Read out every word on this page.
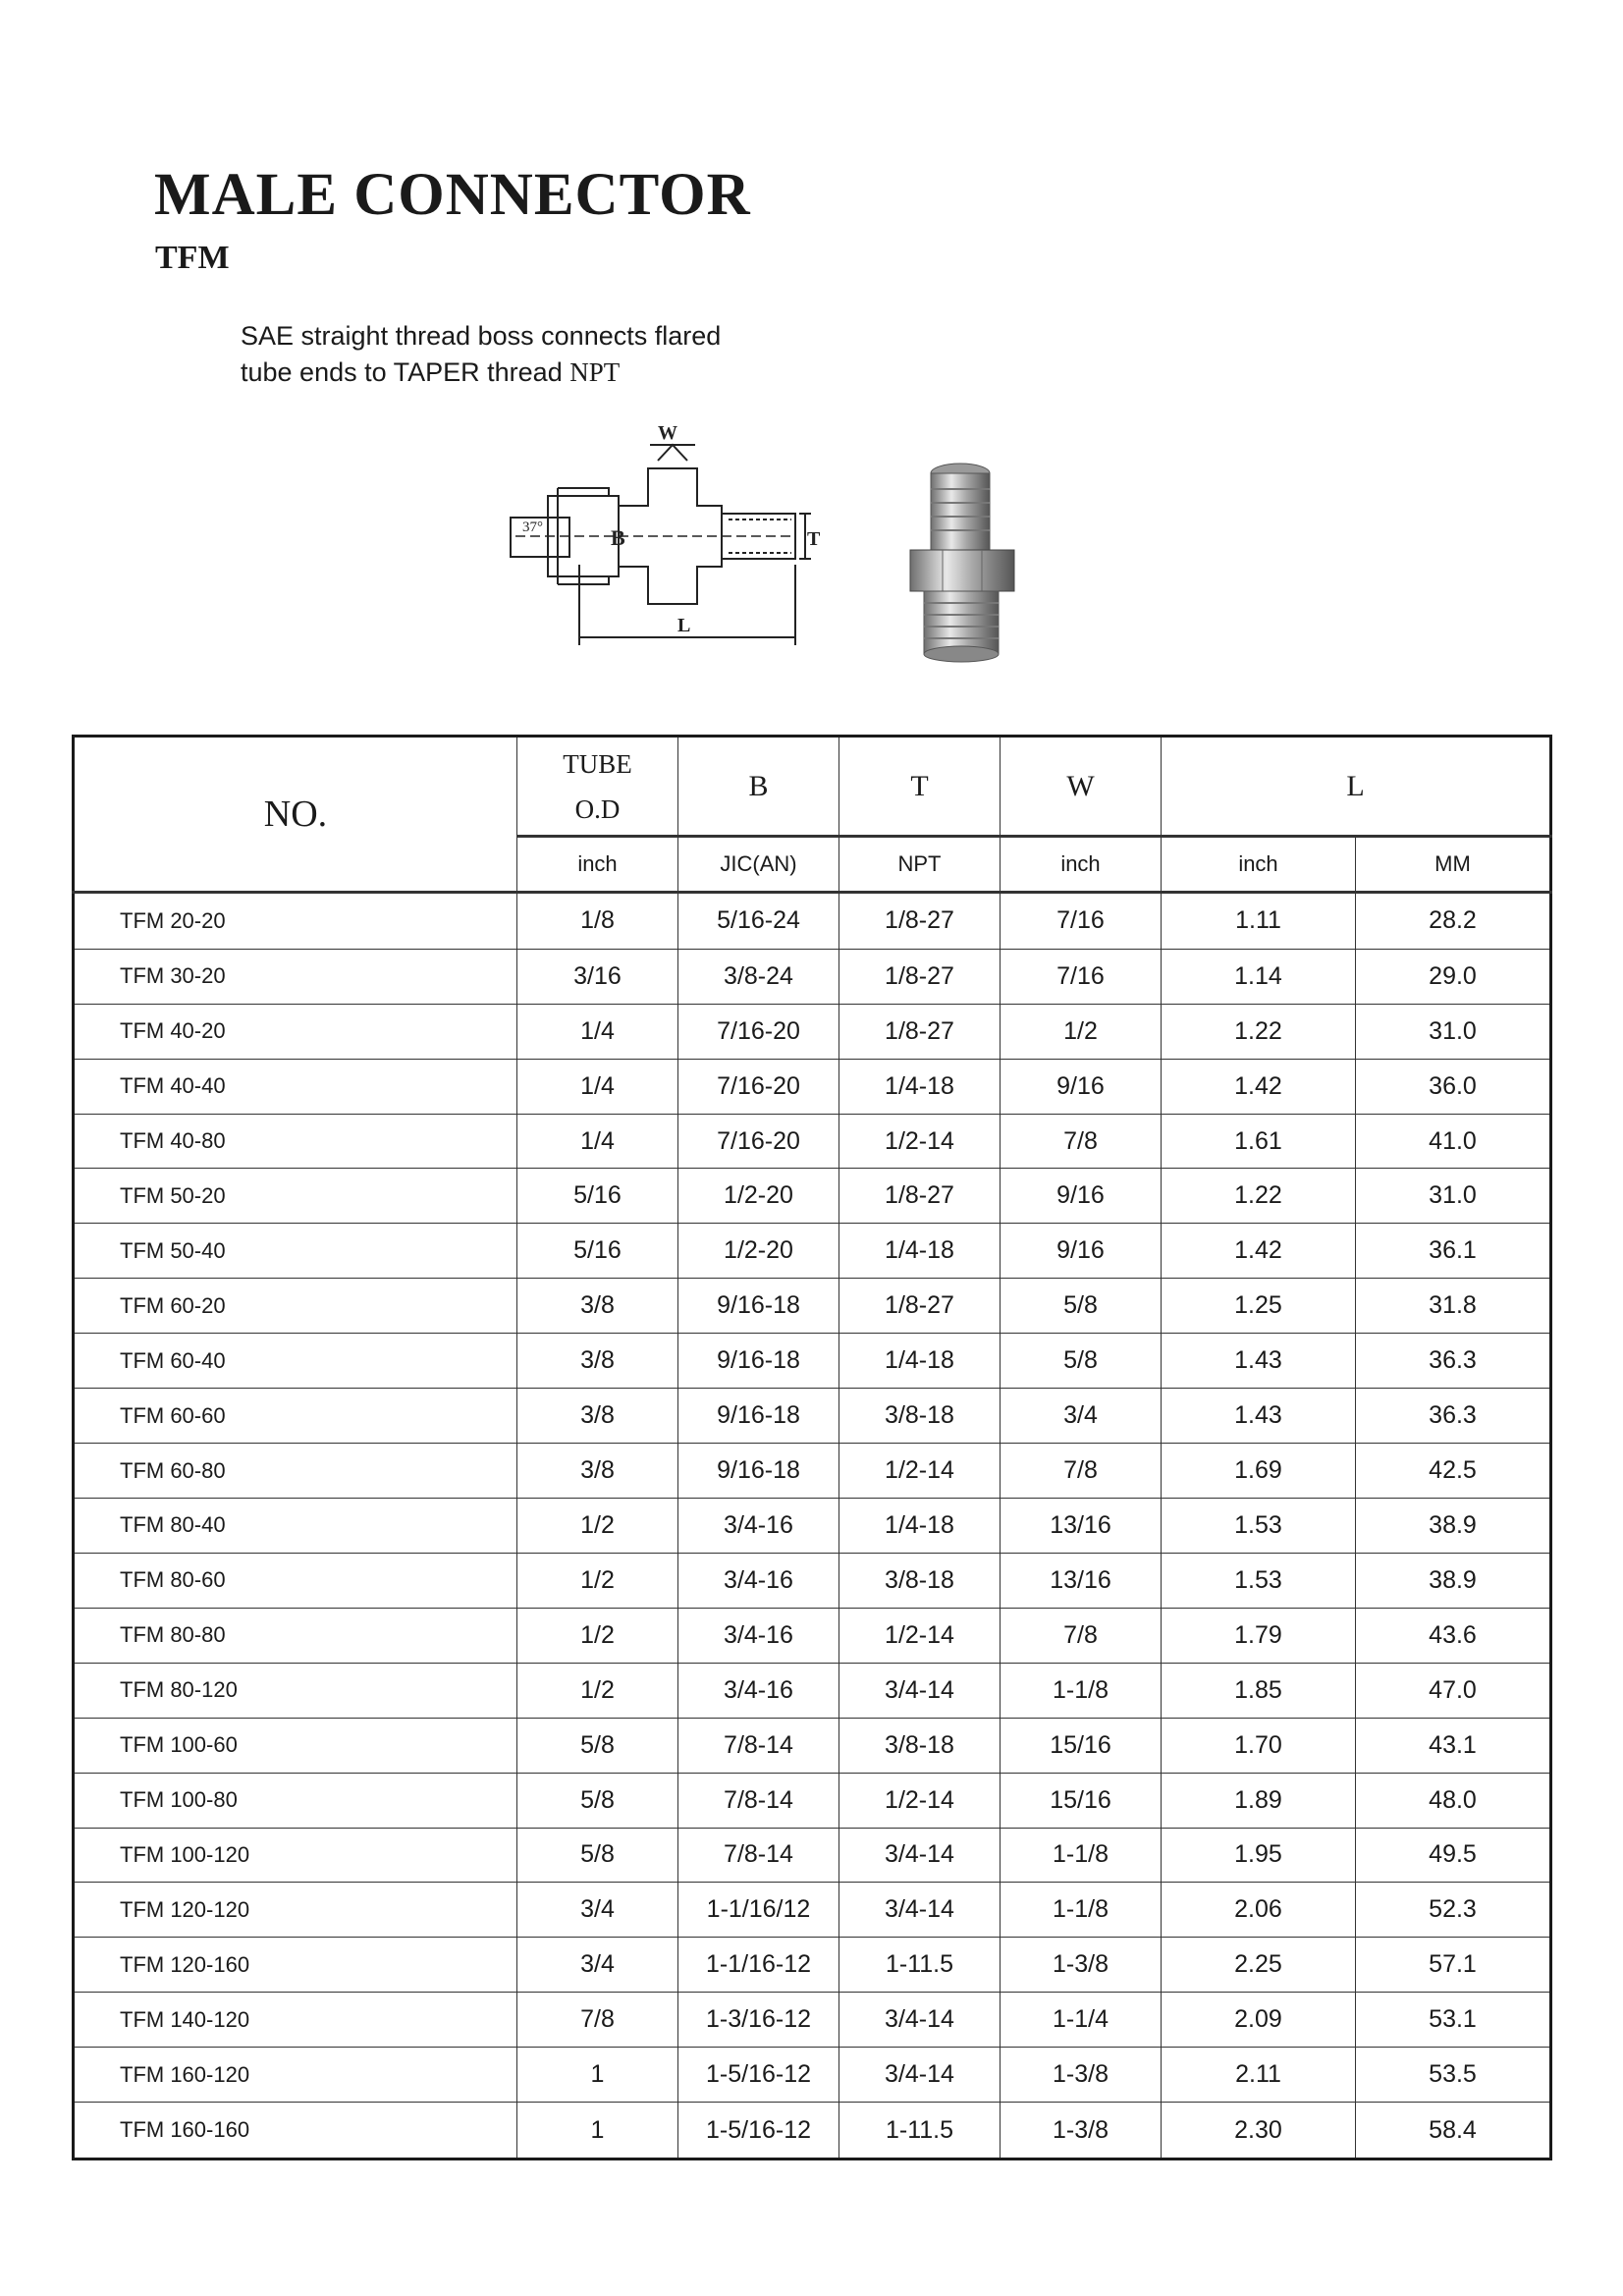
MALE CONNECTOR
TFM
SAE straight thread boss connects flared
tube ends to TAPER thread NPT
W
37°	B	T
L
NO.	TUBE
O.D	B	T	W	L	
	inch	JIC(AN)	NPT	inch	inch	MM
TFM 20-20	1/8	5/16-24	1/8-27	7/16	1.11	28.2
TFM 30-20	3/16	3/8-24	1/8-27	7/16	1.14	29.0
TFM 40-20	1/4	7/16-20	1/8-27	1/2	1.22	31.0
TFM 40-40	1/4	7/16-20	1/4-18	9/16	1.42	36.0
TFM 40-80	1/4	7/16-20	1/2-14	7/8	1.61	41.0
TFM 50-20	5/16	1/2-20	1/8-27	9/16	1.22	31.0
TFM 50-40	5/16	1/2-20	1/4-18	9/16	1.42	36.1
TFM 60-20	3/8	9/16-18	1/8-27	5/8	1.25	31.8
TFM 60-40	3/8	9/16-18	1/4-18	5/8	1.43	36.3
TFM 60-60	3/8	9/16-18	3/8-18	3/4	1.43	36.3
TFM 60-80	3/8	9/16-18	1/2-14	7/8	1.69	42.5
TFM 80-40	1/2	3/4-16	1/4-18	13/16	1.53	38.9
TFM 80-60	1/2	3/4-16	3/8-18	13/16	1.53	38.9
TFM 80-80	1/2	3/4-16	1/2-14	7/8	1.79	43.6
TFM 80-120	1/2	3/4-16	3/4-14	1-1/8	1.85	47.0
TFM 100-60	5/8	7/8-14	3/8-18	15/16	1.70	43.1
TFM 100-80	5/8	7/8-14	1/2-14	15/16	1.89	48.0
TFM 100-120	5/8	7/8-14	3/4-14	1-1/8	1.95	49.5
TFM 120-120	3/4	1-1/16/12	3/4-14	1-1/8	2.06	52.3
TFM 120-160	3/4	1-1/16-12	1-11.5	1-3/8	2.25	57.1
TFM 140-120	7/8	1-3/16-12	3/4-14	1-1/4	2.09	53.1
TFM 160-120	1	1-5/16-12	3/4-14	1-3/8	2.11	53.5
TFM 160-160	1	1-5/16-12	1-11.5	1-3/8	2.30	58.4
